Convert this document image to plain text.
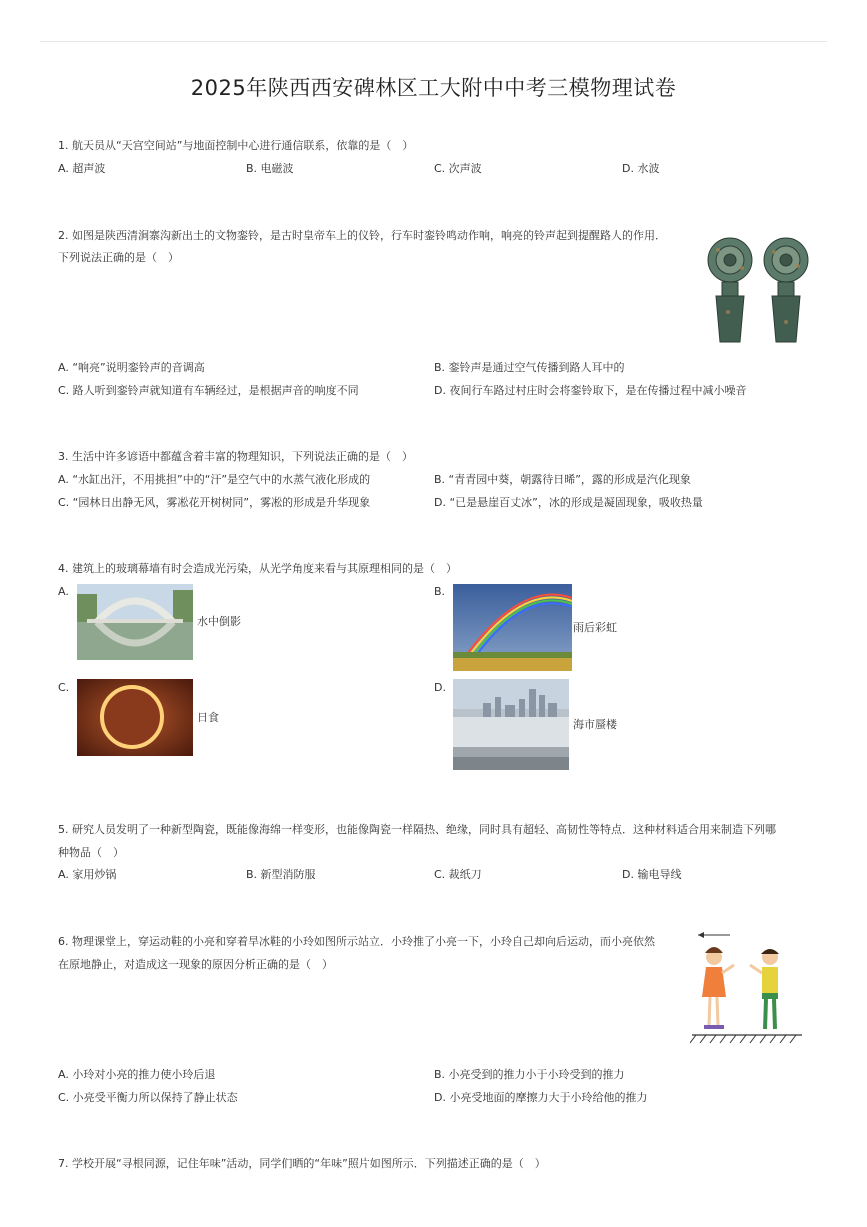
2025年陕西西安碑林区工大附中中考三模物理试卷
1. 航天员从“天宫空间站”与地面控制中心进行通信联系，依靠的是（　）
A. 超声波	B. 电磁波	C. 次声波	D. 水波
2. 如图是陕西清涧寨沟新出土的文物銮铃，是古时皇帝车上的仪铃，行车时銮铃鸣动作响，响亮的铃声起到提醒路人的作用．
下列说法正确的是（　）
A. “响亮”说明銮铃声的音调高	B. 銮铃声是通过空气传播到路人耳中的
C. 路人听到銮铃声就知道有车辆经过，是根据声音的响度不同	D. 夜间行车路过村庄时会将銮铃取下，是在传播过程中减小噪音
3. 生活中许多谚语中都蕴含着丰富的物理知识，下列说法正确的是（　）
A. “水缸出汗，不用挑担”中的“汗”是空气中的水蒸气液化形成的	B. “青青园中葵，朝露待日晞”，露的形成是汽化现象
C. “园林日出静无风，雾凇花开树树同”，雾凇的形成是升华现象	D. “已是悬崖百丈冰”，冰的形成是凝固现象，吸收热量
4. 建筑上的玻璃幕墙有时会造成光污染，从光学角度来看与其原理相同的是（　）
A.
水中倒影
B.
雨后彩虹
C.
日食
D.
海市蜃楼
5. 研究人员发明了一种新型陶瓷，既能像海绵一样变形，也能像陶瓷一样隔热、绝缘，同时具有超轻、高韧性等特点．这种材料适合用来制造下列哪
种物品（　）
A. 家用炒锅	B. 新型消防服	C. 裁纸刀	D. 输电导线
6. 物理课堂上，穿运动鞋的小亮和穿着旱冰鞋的小玲如图所示站立．小玲推了小亮一下，小玲自己却向后运动，而小亮依然
在原地静止，对造成这一现象的原因分析正确的是（　）
A. 小玲对小亮的推力使小玲后退	B. 小亮受到的推力小于小玲受到的推力
C. 小亮受平衡力所以保持了静止状态	D. 小亮受地面的摩擦力大于小玲给他的推力
7. 学校开展“寻根同源，记住年味”活动，同学们晒的“年味”照片如图所示．下列描述正确的是（　）
